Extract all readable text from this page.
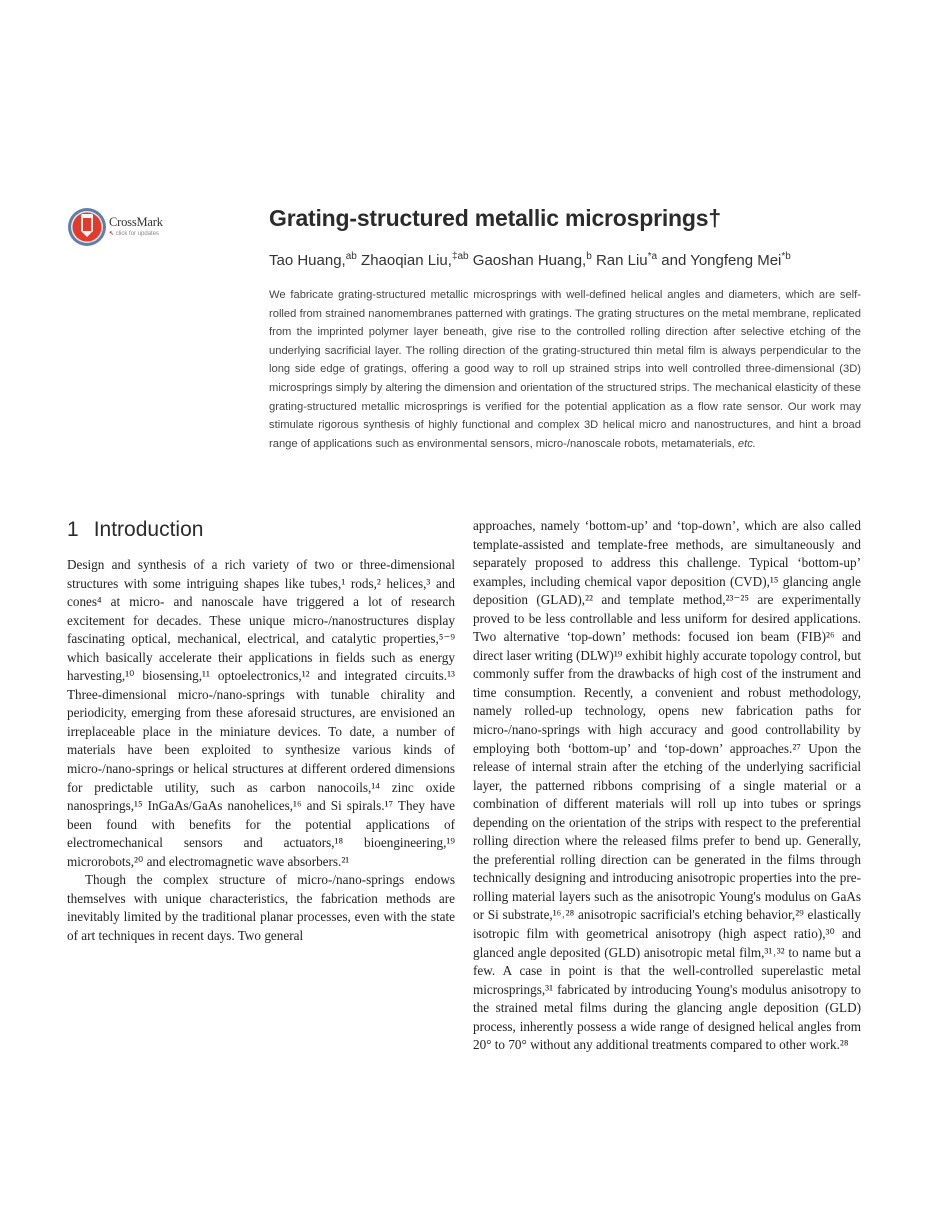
CrossMark
↖ click for updates
Grating-structured metallic microsprings†
Tao Huang,$^{ab}$ Zhaoqian Liu,$^{\ddagger ab}$ Gaoshan Huang,$^b$ Ran Liu$^{*a}$ and Yongfeng Mei$^{*b}$
We fabricate grating-structured metallic microsprings with well-defined helical angles and diameters, which are self-rolled from strained nanomembranes patterned with gratings. The grating structures on the metal membrane, replicated from the imprinted polymer layer beneath, give rise to the controlled rolling direction after selective etching of the underlying sacrificial layer. The rolling direction of the grating-structured thin metal film is always perpendicular to the long side edge of gratings, offering a good way to roll up strained strips into well controlled three-dimensional (3D) microsprings simply by altering the dimension and orientation of the structured strips. The mechanical elasticity of these grating-structured metallic microsprings is verified for the potential application as a flow rate sensor. Our work may stimulate rigorous synthesis of highly functional and complex 3D helical micro and nanostructures, and hint a broad range of applications such as environmental sensors, micro-/nanoscale robots, metamaterials, etc.
1 Introduction

Design and synthesis of a rich variety of two or three-dimensional structures with some intriguing shapes like tubes,¹ rods,² helices,³ and cones⁴ at micro- and nanoscale have triggered a lot of research excitement for decades. These unique micro-/nanostructures display fascinating optical, mechanical, electrical, and catalytic properties,⁵⁻⁹ which basically accelerate their applications in fields such as energy harvesting,¹⁰ biosensing,¹¹ optoelectronics,¹² and integrated circuits.¹³ Three-dimensional micro-/nano-springs with tunable chirality and periodicity, emerging from these aforesaid structures, are envisioned an irreplaceable place in the miniature devices. To date, a number of materials have been exploited to synthesize various kinds of micro-/nano-springs or helical structures at different ordered dimensions for predictable utility, such as carbon nanocoils,¹⁴ zinc oxide nanosprings,¹⁵ InGaAs/GaAs nanohelices,¹⁶ and Si spirals.¹⁷ They have been found with benefits for the potential applications of electromechanical sensors and actuators,¹⁸ bioengineering,¹⁹ microrobots,²⁰ and electromagnetic wave absorbers.²¹

Though the complex structure of micro-/nano-springs endows themselves with unique characteristics, the fabrication methods are inevitably limited by the traditional planar processes, even with the state of art techniques in recent days. Two general

approaches, namely ‘bottom-up’ and ‘top-down’, which are also called template-assisted and template-free methods, are simultaneously and separately proposed to address this challenge. Typical ‘bottom-up’ examples, including chemical vapor deposition (CVD),¹⁵ glancing angle deposition (GLAD),²² and template method,²³⁻²⁵ are experimentally proved to be less controllable and less uniform for desired applications. Two alternative ‘top-down’ methods: focused ion beam (FIB)²⁶ and direct laser writing (DLW)¹⁹ exhibit highly accurate topology control, but commonly suffer from the drawbacks of high cost of the instrument and time consumption. Recently, a convenient and robust methodology, namely rolled-up technology, opens new fabrication paths for micro-/nano-springs with high accuracy and good controllability by employing both ‘bottom-up’ and ‘top-down’ approaches.²⁷ Upon the release of internal strain after the etching of the underlying sacrificial layer, the patterned ribbons comprising of a single material or a combination of different materials will roll up into tubes or springs depending on the orientation of the strips with respect to the preferential rolling direction where the released films prefer to bend up. Generally, the preferential rolling direction can be generated in the films through technically designing and introducing anisotropic properties into the pre-rolling material layers such as the anisotropic Young's modulus on GaAs or Si substrate,¹⁶˒²⁸ anisotropic sacrificial's etching behavior,²⁹ elastically isotropic film with geometrical anisotropy (high aspect ratio),³⁰ and glanced angle deposited (GLD) anisotropic metal film,³¹˒³² to name but a few. A case in point is that the well-controlled superelastic metal microsprings,³¹ fabricated by introducing Young's modulus anisotropy to the strained metal films during the glancing angle deposition (GLD) process, inherently possess a wide range of designed helical angles from 20° to 70° without any additional treatments compared to other work.²⁸
